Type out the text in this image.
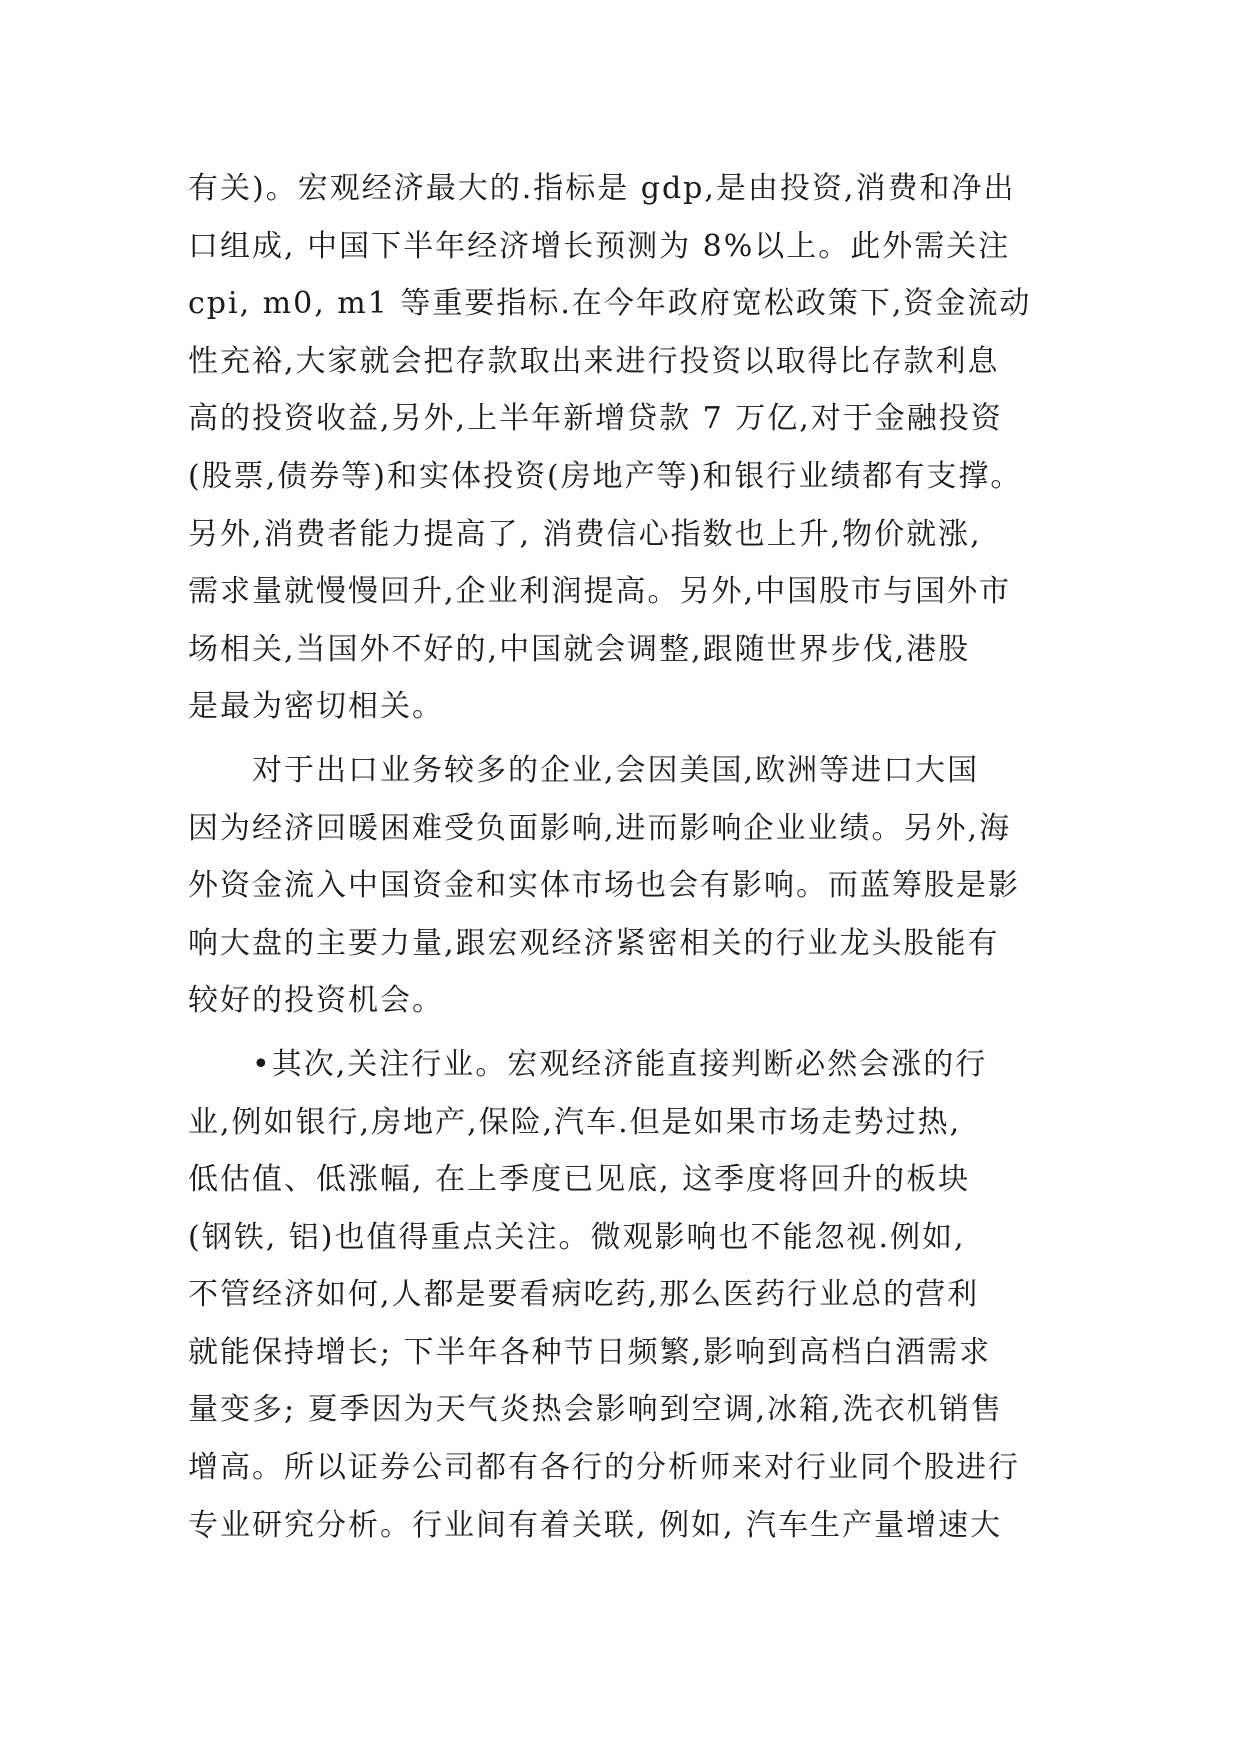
有关)。宏观经济最大的.指标是 gdp,是由投资,消费和净出
口组成, 中国下半年经济增长预测为 8%以上。此外需关注
cpi, m0, m1 等重要指标.在今年政府宽松政策下,资金流动
性充裕,大家就会把存款取出来进行投资以取得比存款利息
高的投资收益,另外,上半年新增贷款 7 万亿,对于金融投资
(股票,债券等)和实体投资(房地产等)和银行业绩都有支撑。
另外,消费者能力提高了, 消费信心指数也上升,物价就涨,
需求量就慢慢回升,企业利润提高。另外,中国股市与国外市
场相关,当国外不好的,中国就会调整,跟随世界步伐,港股
是最为密切相关。
　　对于出口业务较多的企业,会因美国,欧洲等进口大国
因为经济回暖困难受负面影响,进而影响企业业绩。另外,海
外资金流入中国资金和实体市场也会有影响。而蓝筹股是影
响大盘的主要力量,跟宏观经济紧密相关的行业龙头股能有
较好的投资机会。
　　•其次,关注行业。宏观经济能直接判断必然会涨的行
业,例如银行,房地产,保险,汽车.但是如果市场走势过热,
低估值、低涨幅, 在上季度已见底, 这季度将回升的板块
(钢铁, 铝)也值得重点关注。微观影响也不能忽视.例如,
不管经济如何,人都是要看病吃药,那么医药行业总的营利
就能保持增长; 下半年各种节日频繁,影响到高档白酒需求
量变多; 夏季因为天气炎热会影响到空调,冰箱,洗衣机销售
增高。所以证券公司都有各行的分析师来对行业同个股进行
专业研究分析。行业间有着关联, 例如, 汽车生产量增速大
